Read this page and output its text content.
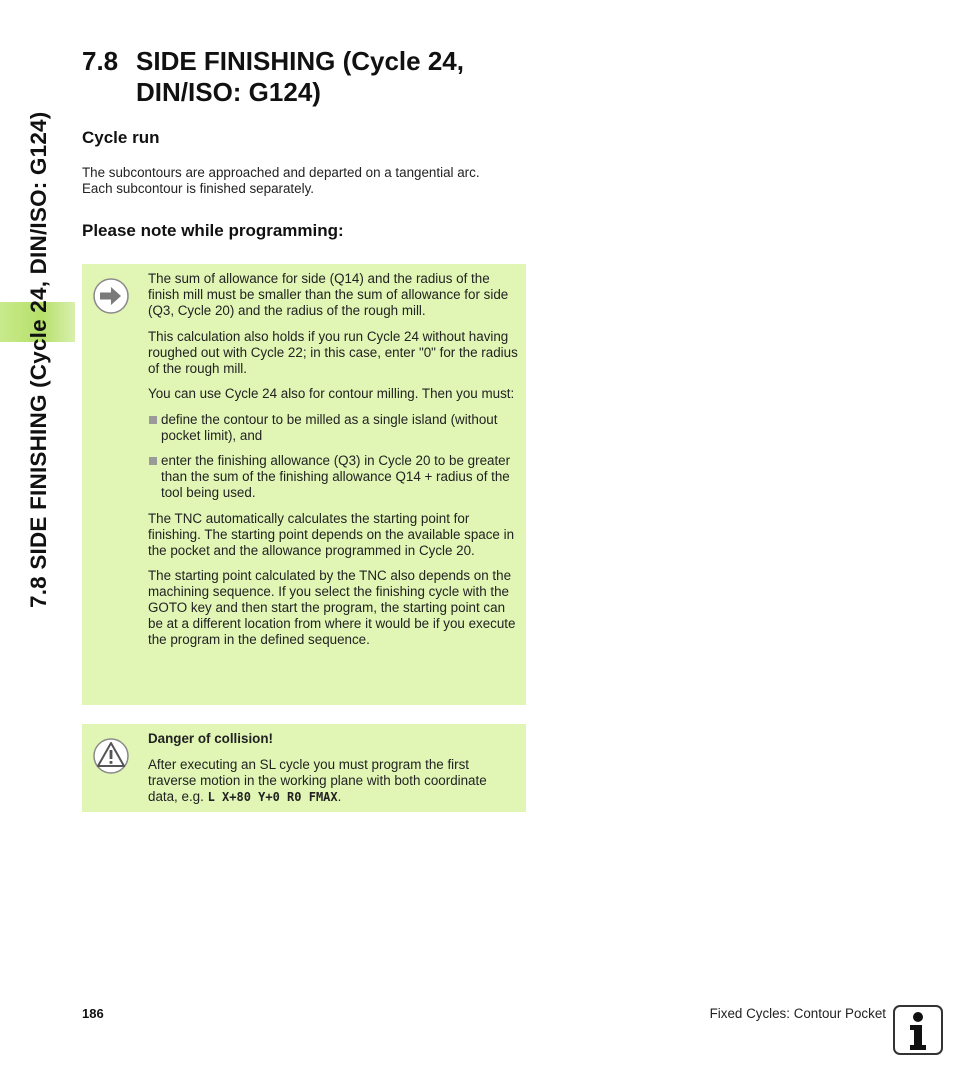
7.8 SIDE FINISHING (Cycle 24, DIN/ISO: G124)
7.8 SIDE FINISHING (Cycle 24,
DIN/ISO: G124)
Cycle run
The subcontours are approached and departed on a tangential arc.
Each subcontour is finished separately.
Please note while programming:

The sum of allowance for side (Q14) and the radius of the finish mill must be smaller than the sum of allowance for side (Q3, Cycle 20) and the radius of the rough mill.

This calculation also holds if you run Cycle 24 without having roughed out with Cycle 22; in this case, enter "0" for the radius of the rough mill.

You can use Cycle 24 also for contour milling. Then you must:

define the contour to be milled as a single island (without pocket limit), and
enter the finishing allowance (Q3) in Cycle 20 to be greater than the sum of the finishing allowance Q14 + radius of the tool being used.

The TNC automatically calculates the starting point for finishing. The starting point depends on the available space in the pocket and the allowance programmed in Cycle 20.

The starting point calculated by the TNC also depends on the machining sequence. If you select the finishing cycle with the GOTO key and then start the program, the starting point can be at a different location from where it would be if you execute the program in the defined sequence.

Danger of collision!

After executing an SL cycle you must program the first traverse motion in the working plane with both coordinate data, e.g. L X+80 Y+0 R0 FMAX.

186	Fixed Cycles: Contour Pocket
